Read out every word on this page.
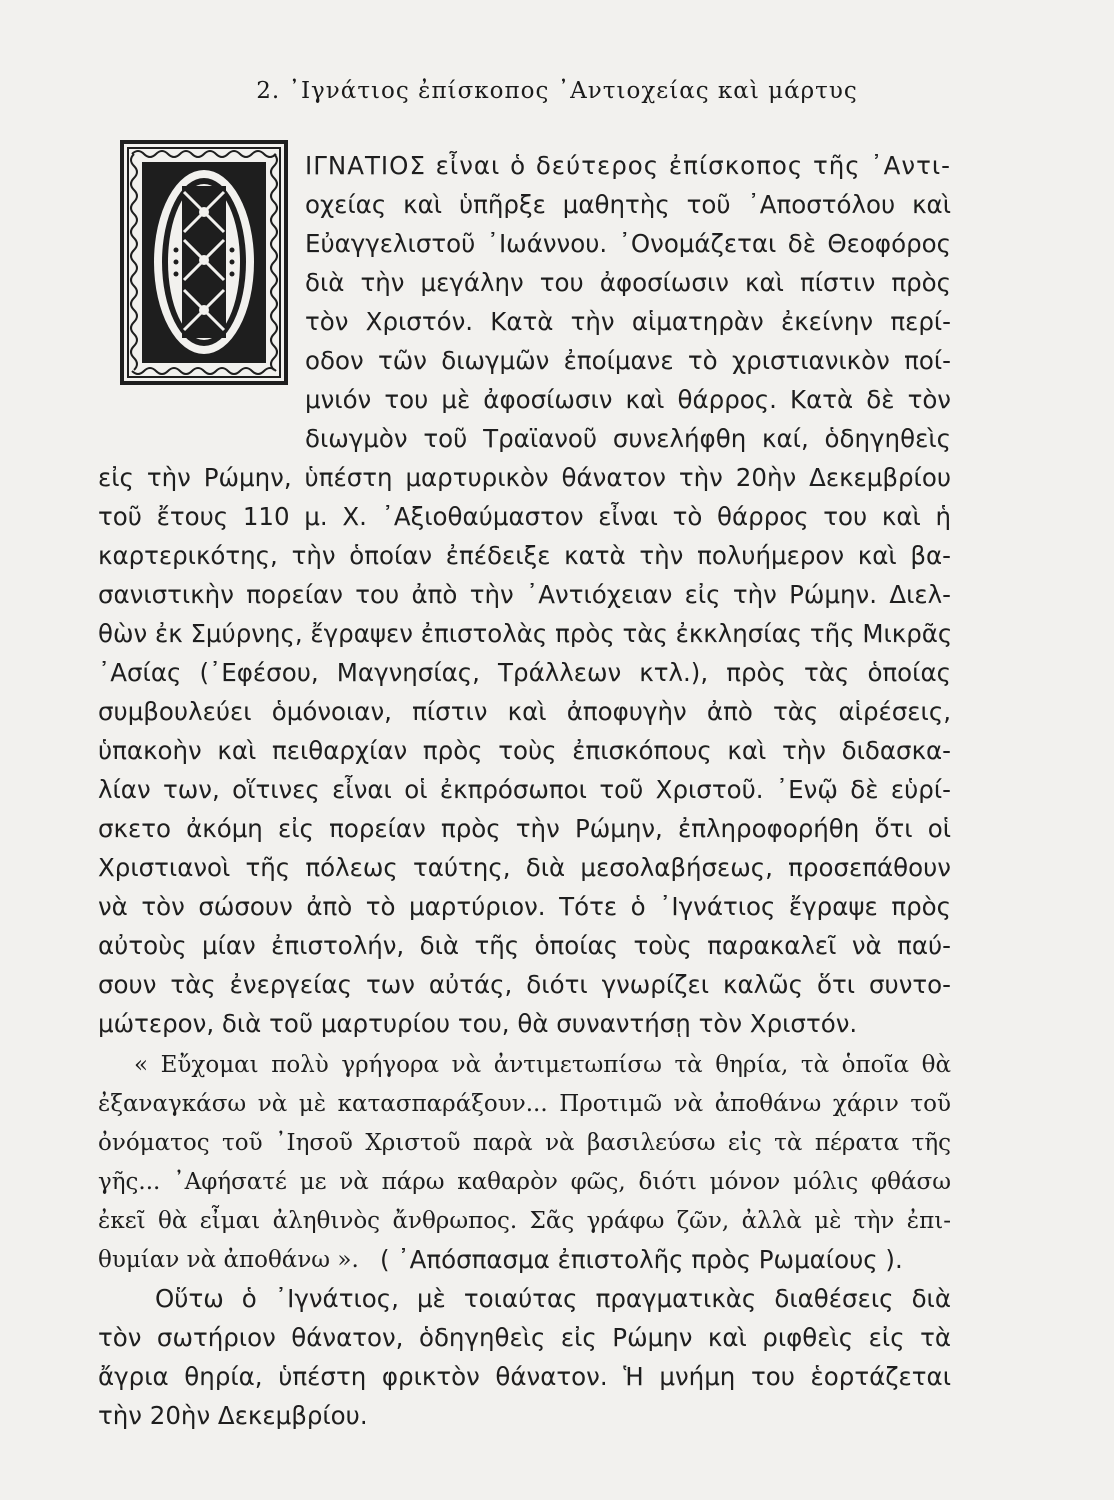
2. ᾿Ιγνάτιος ἐπίσκοπος ᾿Αντιοχείας καὶ μάρτυς
ΙΓΝΑΤΙΟΣ εἶναι ὁ δεύτερος ἐπίσκοπος τῆς ᾿Αντι-
οχείας καὶ ὑπῆρξε μαθητὴς τοῦ ᾿Αποστόλου καὶ
Εὐαγγελιστοῦ ᾿Ιωάννου. ᾿Ονομάζεται δὲ Θεοφόρος
διὰ τὴν μεγάλην του ἀφοσίωσιν καὶ πίστιν πρὸς
τὸν Χριστόν. Κατὰ τὴν αἱματηρὰν ἐκείνην περί-
οδον τῶν διωγμῶν ἐποίμανε τὸ χριστιανικὸν ποί-
μνιόν του μὲ ἀφοσίωσιν καὶ θάρρος. Κατὰ δὲ τὸν
διωγμὸν τοῦ Τραϊανοῦ συνελήφθη καί, ὁδηγηθεὶς
εἰς τὴν Ρώμην, ὑπέστη μαρτυρικὸν θάνατον τὴν 20ὴν Δεκεμβρίου
τοῦ ἔτους 110 μ. Χ. ᾿Αξιοθαύμαστον εἶναι τὸ θάρρος του καὶ ἡ
καρτερικότης, τὴν ὁποίαν ἐπέδειξε κατὰ τὴν πολυήμερον καὶ βα-
σανιστικὴν πορείαν του ἀπὸ τὴν ᾿Αντιόχειαν εἰς τὴν Ρώμην. Διελ-
θὼν ἐκ Σμύρνης, ἔγραψεν ἐπιστολὰς πρὸς τὰς ἐκκλησίας τῆς Μικρᾶς
᾿Ασίας (᾿Εφέσου, Μαγνησίας, Τράλλεων κτλ.), πρὸς τὰς ὁποίας
συμβουλεύει ὁμόνοιαν, πίστιν καὶ ἀποφυγὴν ἀπὸ τὰς αἱρέσεις,
ὑπακοὴν καὶ πειθαρχίαν πρὸς τοὺς ἐπισκόπους καὶ τὴν διδασκα-
λίαν των, οἵτινες εἶναι οἱ ἐκπρόσωποι τοῦ Χριστοῦ. ᾿Ενῷ δὲ εὑρί-
σκετο ἀκόμη εἰς πορείαν πρὸς τὴν Ρώμην, ἐπληροφορήθη ὅτι οἱ
Χριστιανοὶ τῆς πόλεως ταύτης, διὰ μεσολαβήσεως, προσεπάθουν
νὰ τὸν σώσουν ἀπὸ τὸ μαρτύριον. Τότε ὁ ᾿Ιγνάτιος ἔγραψε πρὸς
αὐτοὺς μίαν ἐπιστολήν, διὰ τῆς ὁποίας τοὺς παρακαλεῖ νὰ παύ-
σουν τὰς ἐνεργείας των αὐτάς, διότι γνωρίζει καλῶς ὅτι συντο-
μώτερον, διὰ τοῦ μαρτυρίου του, θὰ συναντήσῃ τὸν Χριστόν.
« Εὔχομαι πολὺ γρήγορα νὰ ἀντιμετωπίσω τὰ θηρία, τὰ ὁποῖα θὰ
ἐξαναγκάσω νὰ μὲ κατασπαράξουν... Προτιμῶ νὰ ἀποθάνω χάριν τοῦ
ὀνόματος τοῦ ᾿Ιησοῦ Χριστοῦ παρὰ νὰ βασιλεύσω εἰς τὰ πέρατα τῆς
γῆς... ᾿Αφήσατέ με νὰ πάρω καθαρὸν φῶς, διότι μόνον μόλις φθάσω
ἐκεῖ θὰ εἶμαι ἀληθινὸς ἄνθρωπος. Σᾶς γράφω ζῶν, ἀλλὰ μὲ τὴν ἐπι-
θυμίαν νὰ ἀποθάνω ». ( ᾿Απόσπασμα ἐπιστολῆς πρὸς Ρωμαίους ).
Οὕτω ὁ ᾿Ιγνάτιος, μὲ τοιαύτας πραγματικὰς διαθέσεις διὰ
τὸν σωτήριον θάνατον, ὁδηγηθεὶς εἰς Ρώμην καὶ ριφθεὶς εἰς τὰ
ἄγρια θηρία, ὑπέστη φρικτὸν θάνατον. Ἡ μνήμη του ἑορτάζεται
τὴν 20ὴν Δεκεμβρίου.
